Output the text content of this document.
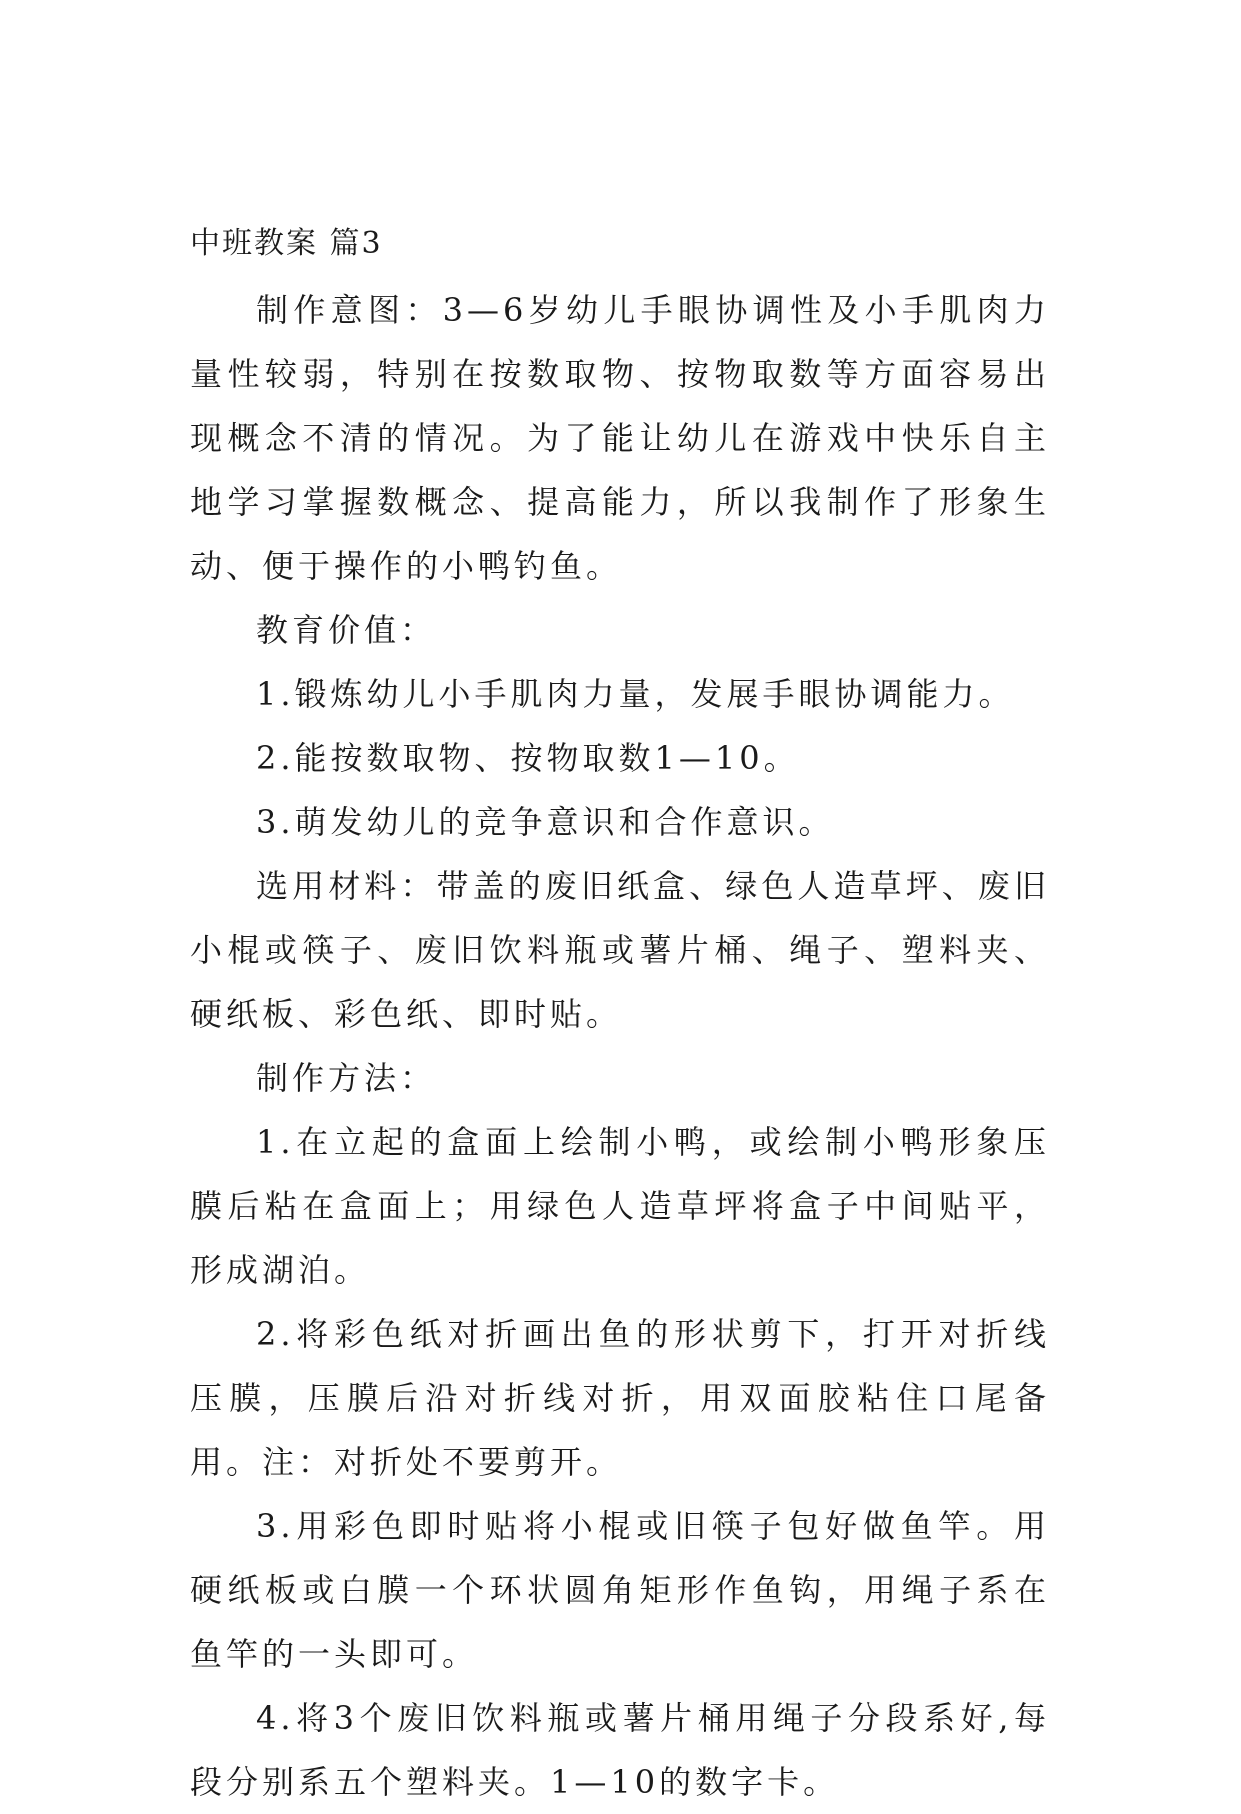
中班教案 篇3

制作意图：3—6岁幼儿手眼协调性及小手肌肉力量性较弱，特别在按数取物、按物取数等方面容易出现概念不清的情况。为了能让幼儿在游戏中快乐自主地学习掌握数概念、提高能力，所以我制作了形象生动、便于操作的小鸭钓鱼。

教育价值：

1.锻炼幼儿小手肌肉力量，发展手眼协调能力。

2.能按数取物、按物取数1—10。

3.萌发幼儿的竞争意识和合作意识。

选用材料：带盖的废旧纸盒、绿色人造草坪、废旧小棍或筷子、废旧饮料瓶或薯片桶、绳子、塑料夹、硬纸板、彩色纸、即时贴。

制作方法：

1.在立起的盒面上绘制小鸭，或绘制小鸭形象压膜后粘在盒面上；用绿色人造草坪将盒子中间贴平，形成湖泊。

2.将彩色纸对折画出鱼的形状剪下，打开对折线压膜，压膜后沿对折线对折，用双面胶粘住口尾备用。注：对折处不要剪开。

3.用彩色即时贴将小棍或旧筷子包好做鱼竿。用硬纸板或白膜一个环状圆角矩形作鱼钩，用绳子系在鱼竿的一头即可。

4.将3个废旧饮料瓶或薯片桶用绳子分段系好,每段分别系五个塑料夹。1—10的数字卡。
